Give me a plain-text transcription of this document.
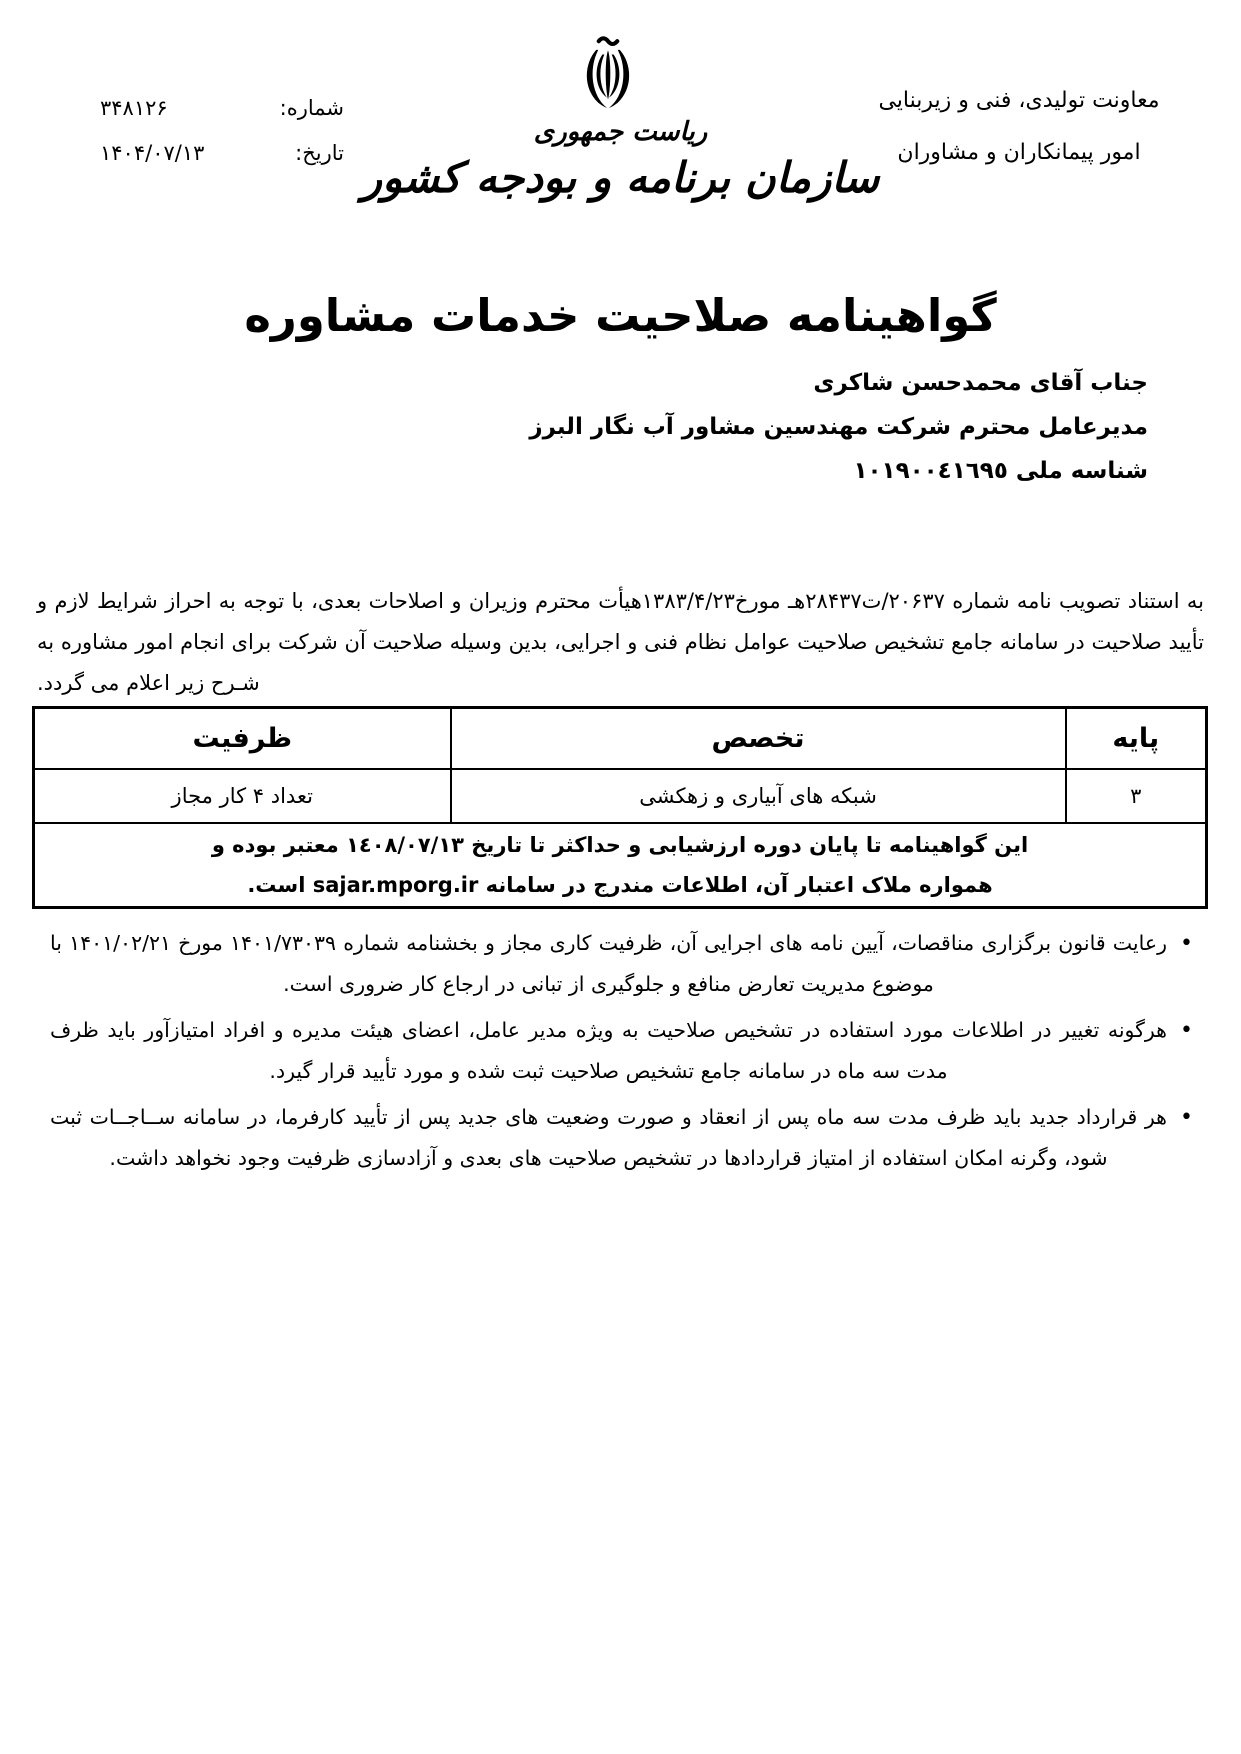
معاونت تولیدی، فنی و زیربنایی
امور پیمانکاران و مشاوران
شماره:
۳۴۸۱۲۶
تاریخ:
۱۴۰۴/۰۷/۱۳
ریاست جمهوری
سازمان برنامه و بودجه کشور
گواهینامه صلاحیت خدمات مشاوره
جناب آقای محمدحسن شاکری
مدیرعامل محترم شرکت مهندسین مشاور آب نگار البرز
شناسه ملی ۱۰۱۹۰۰٤۱٦۹٥

به استناد تصویب نامه شماره ۲۰۶۳۷/ت۲۸۴۳۷هـ مورخ۱۳۸۳/۴/۲۳هیأت محترم وزیران و اصلاحات بعدی، با توجه به احراز شرایط لازم و تأیید صلاحیت در سامانه جامع تشخیص صلاحیت عوامل نظام فنی و اجرایی، بدین وسیله صلاحیت آن شرکت برای انجام امور مشاوره به شـرح زیر اعلام می گردد.

پایه	تخصص	ظرفیت
۳	شبکه های آبیاری و زهکشی	تعداد ۴ کار مجاز

این گواهینامه تا پایان دوره ارزشیابی و حداکثر تا تاریخ ۱٤۰۸/۰۷/۱۳ معتبر بوده و
همواره ملاک اعتبار آن، اطلاعات مندرج در سامانه sajar.mporg.ir است.		
•
رعایت قانون برگزاری مناقصات، آیین نامه های اجرایی آن، ظرفیت کاری مجاز و بخشنامه شماره ۱۴۰۱/۷۳۰۳۹ مورخ ۱۴۰۱/۰۲/۲۱ با موضوع مدیریت تعارض منافع و جلوگیری از تبانی در ارجاع کار ضروری است.
•
هرگونه تغییر در اطلاعات مورد استفاده در تشخیص صلاحیت به ویژه مدیر عامل، اعضای هیئت مدیره و افراد امتیازآور باید ظرف مدت سه ماه در سامانه جامع تشخیص صلاحیت ثبت شده و مورد تأیید قرار گیرد.
•
هر قرارداد جدید باید ظرف مدت سه ماه پس از انعقاد و صورت وضعیت های جدید پس از تأیید کارفرما، در سامانه ســاجــات ثبت شود، وگرنه امکان استفاده از امتیاز قراردادها در تشخیص صلاحیت های بعدی و آزادسازی ظرفیت وجود نخواهد داشت.
